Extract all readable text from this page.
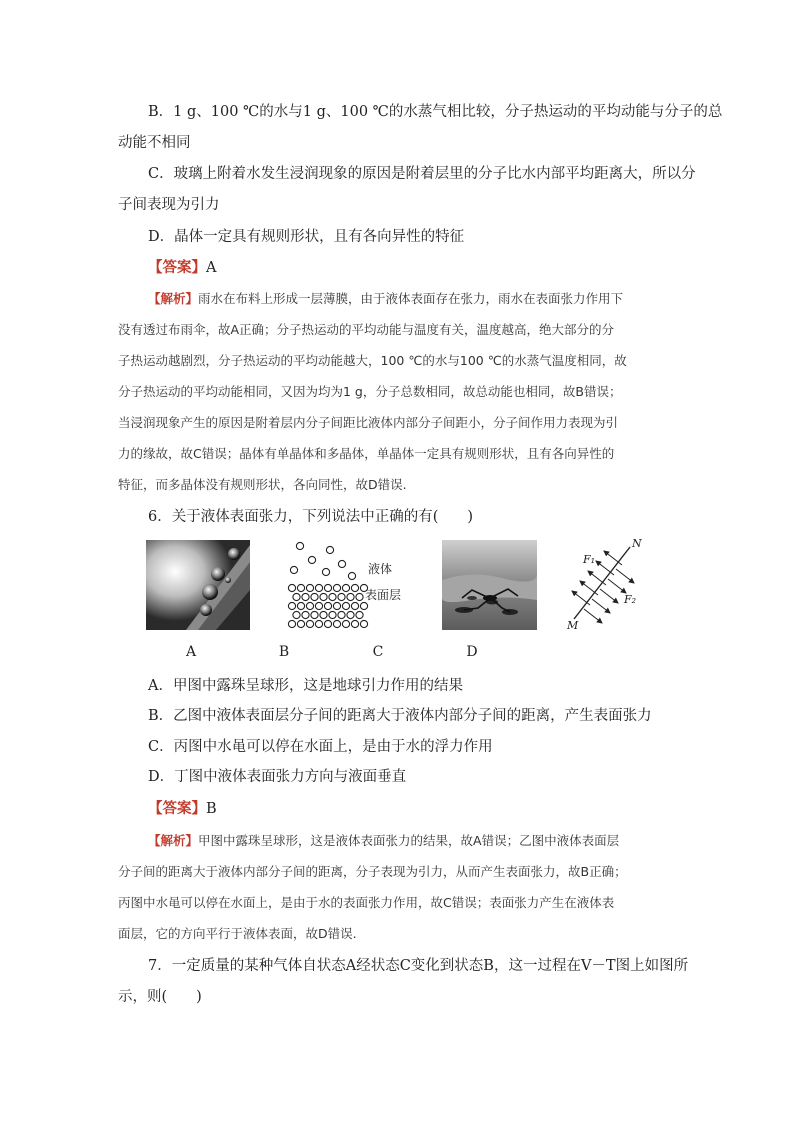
B．1 g、100 ℃的水与1 g、100 ℃的水蒸气相比较，分子热运动的平均动能与分子的总
动能不相同
C．玻璃上附着水发生浸润现象的原因是附着层里的分子比水内部平均距离大，所以分
子间表现为引力
D．晶体一定具有规则形状，且有各向异性的特征
【答案】A
【解析】雨水在布料上形成一层薄膜，由于液体表面存在张力，雨水在表面张力作用下
没有透过布雨伞，故A正确；分子热运动的平均动能与温度有关，温度越高，绝大部分的分
子热运动越剧烈，分子热运动的平均动能越大，100 ℃的水与100 ℃的水蒸气温度相同，故
分子热运动的平均动能相同，又因为均为1 g，分子总数相同，故总动能也相同，故B错误；
当浸润现象产生的原因是附着层内分子间距比液体内部分子间距小，分子间作用力表现为引
力的缘故，故C错误；晶体有单晶体和多晶体，单晶体一定具有规则形状，且有各向异性的
特征，而多晶体没有规则形状，各向同性，故D错误.
6．关于液体表面张力，下列说法中正确的有(　　)
液体
表面层
F₁
F₂
N
M
A	B	C	D
A．甲图中露珠呈球形，这是地球引力作用的结果
B．乙图中液体表面层分子间的距离大于液体内部分子间的距离，产生表面张力
C．丙图中水黾可以停在水面上，是由于水的浮力作用
D．丁图中液体表面张力方向与液面垂直
【答案】B
【解析】甲图中露珠呈球形，这是液体表面张力的结果，故A错误；乙图中液体表面层
分子间的距离大于液体内部分子间的距离，分子表现为引力，从而产生表面张力，故B正确；
丙图中水黾可以停在水面上，是由于水的表面张力作用，故C错误；表面张力产生在液体表
面层，它的方向平行于液体表面，故D错误.
7．一定质量的某种气体自状态A经状态C变化到状态B，这一过程在V－T图上如图所
示，则(　　)
